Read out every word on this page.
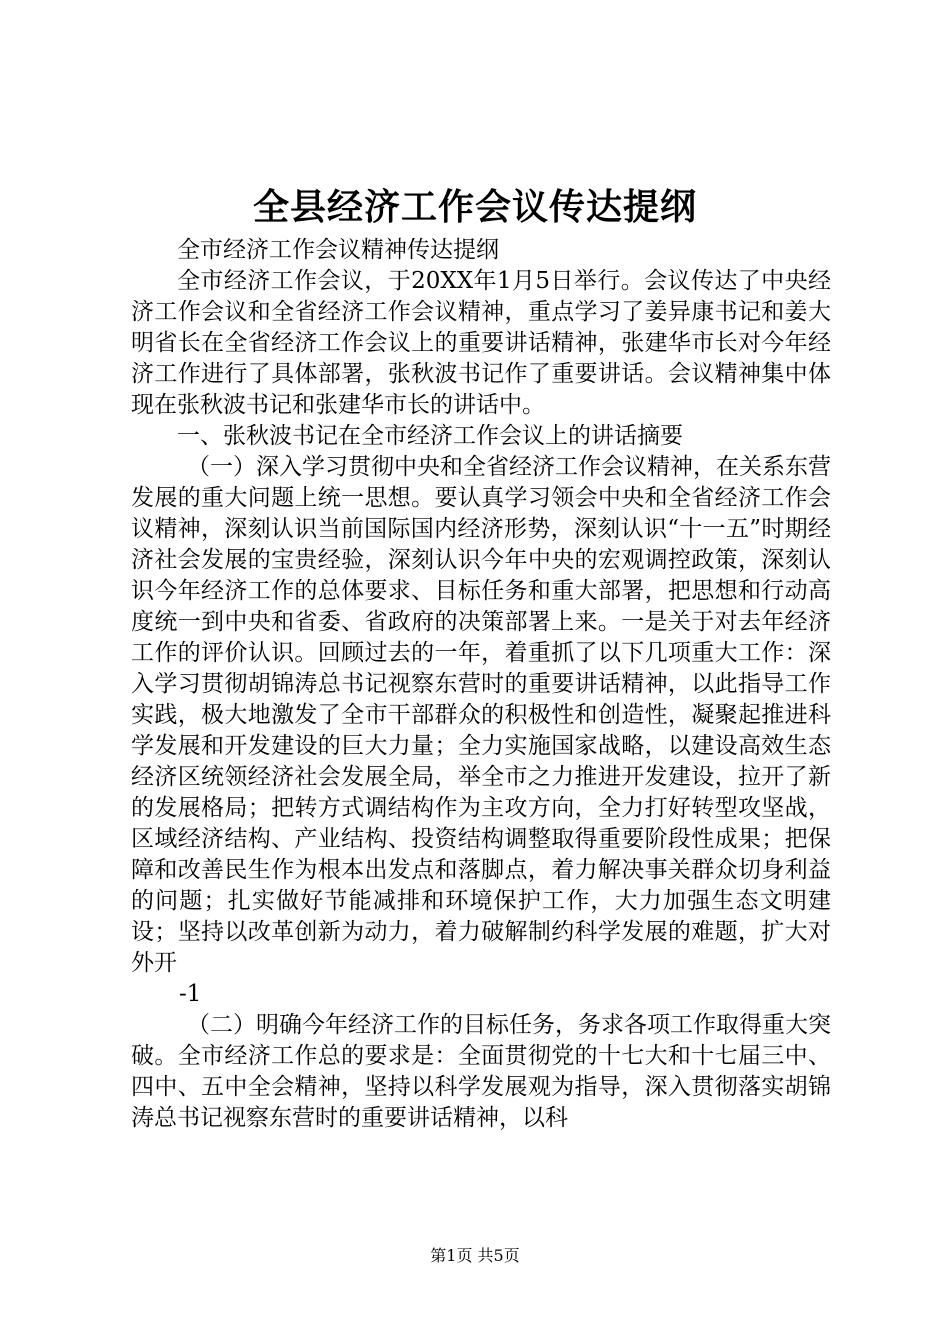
全县经济工作会议传达提纲

全市经济工作会议精神传达提纲

全市经济工作会议，于20XX年1月5日举行。会议传达了中央经济工作会议和全省经济工作会议精神，重点学习了姜异康书记和姜大明省长在全省经济工作会议上的重要讲话精神，张建华市长对今年经济工作进行了具体部署，张秋波书记作了重要讲话。会议精神集中体现在张秋波书记和张建华市长的讲话中。

一、张秋波书记在全市经济工作会议上的讲话摘要

（一）深入学习贯彻中央和全省经济工作会议精神，在关系东营发展的重大问题上统一思想。要认真学习领会中央和全省经济工作会议精神，深刻认识当前国际国内经济形势，深刻认识“十一五”时期经济社会发展的宝贵经验，深刻认识今年中央的宏观调控政策，深刻认识今年经济工作的总体要求、目标任务和重大部署，把思想和行动高度统一到中央和省委、省政府的决策部署上来。一是关于对去年经济工作的评价认识。回顾过去的一年，着重抓了以下几项重大工作：深入学习贯彻胡锦涛总书记视察东营时的重要讲话精神，以此指导工作实践，极大地激发了全市干部群众的积极性和创造性，凝聚起推进科学发展和开发建设的巨大力量；全力实施国家战略，以建设高效生态经济区统领经济社会发展全局，举全市之力推进开发建设，拉开了新的发展格局；把转方式调结构作为主攻方向，全力打好转型攻坚战，区域经济结构、产业结构、投资结构调整取得重要阶段性成果；把保障和改善民生作为根本出发点和落脚点，着力解决事关群众切身利益的问题；扎实做好节能减排和环境保护工作，大力加强生态文明建设；坚持以改革创新为动力，着力破解制约科学发展的难题，扩大对外开

-1

（二）明确今年经济工作的目标任务，务求各项工作取得重大突破。全市经济工作总的要求是：全面贯彻党的十七大和十七届三中、四中、五中全会精神，坚持以科学发展观为指导，深入贯彻落实胡锦涛总书记视察东营时的重要讲话精神，以科

第1页 共5页
